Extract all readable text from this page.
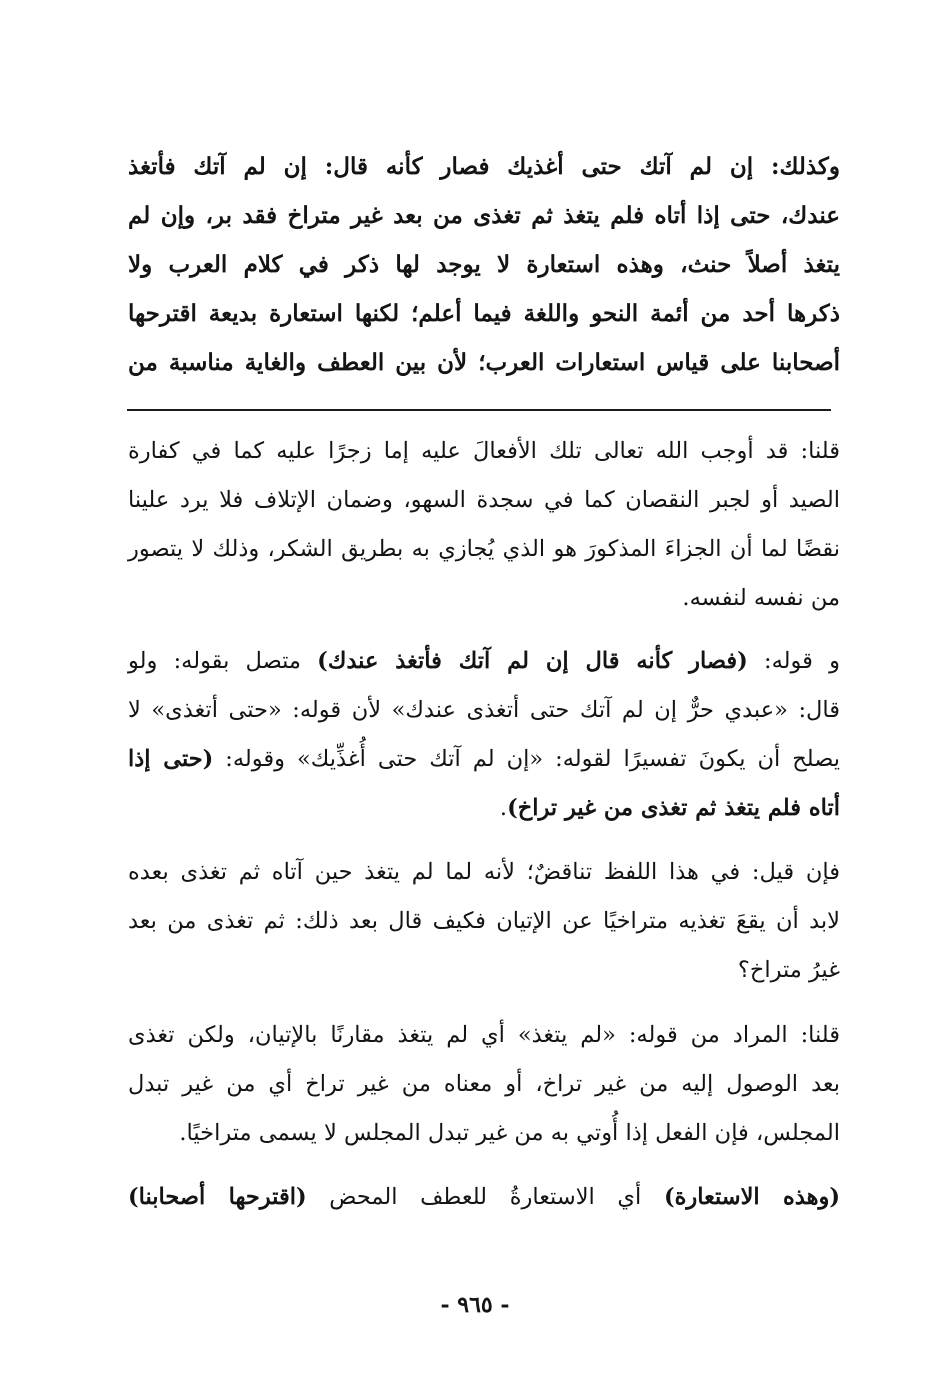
وكذلك: إن لم آتك حتى أغذيك فصار كأنه قال: إن لم آتك فأتغذ
عندك، حتى إذا أتاه فلم يتغذ ثم تغذى من بعد غير متراخ فقد بر، وإن لم
يتغذ أصلاً حنث، وهذه استعارة لا يوجد لها ذكر في كلام العرب ولا
ذكرها أحد من أئمة النحو واللغة فيما أعلم؛ لكنها استعارة بديعة اقترحها
أصحابنا على قياس استعارات العرب؛ لأن بين العطف والغاية مناسبة من
قلنا: قد أوجب الله تعالى تلك الأفعالَ عليه إما زجرًا عليه كما في كفارة
الصيد أو لجبر النقصان كما في سجدة السهو، وضمان الإتلاف فلا يرد علينا
نقضًا لما أن الجزاءَ المذكورَ هو الذي يُجازي به بطريق الشكر، وذلك لا يتصور
من نفسه لنفسه.
و قوله: (فصار كأنه قال إن لم آتك فأتغذ عندك) متصل بقوله: ولو
قال: «عبدي حرٌّ إن لم آتك حتى أتغذى عندك» لأن قوله: «حتى أتغذى» لا
يصلح أن يكونَ تفسيرًا لقوله: «إن لم آتك حتى أُغذِّيك» وقوله: (حتى إذا
أتاه فلم يتغذ ثم تغذى من غير تراخ).
فإن قيل: في هذا اللفظ تناقضٌ؛ لأنه لما لم يتغذ حين آتاه ثم تغذى بعده
لابد أن يقعَ تغذيه متراخيًا عن الإتيان فكيف قال بعد ذلك: ثم تغذى من بعد
غيرُ متراخ؟
قلنا: المراد من قوله: «لم يتغذ» أي لم يتغذ مقارنًا بالإتيان، ولكن تغذى
بعد الوصول إليه من غير تراخ، أو معناه من غير تراخ أي من غير تبدل
المجلس، فإن الفعل إذا أُوتي به من غير تبدل المجلس لا يسمى متراخيًا.
(وهذه الاستعارة) أي الاستعارةُ للعطف المحض (اقترحها أصحابنا)
- ٩٦٥ -
